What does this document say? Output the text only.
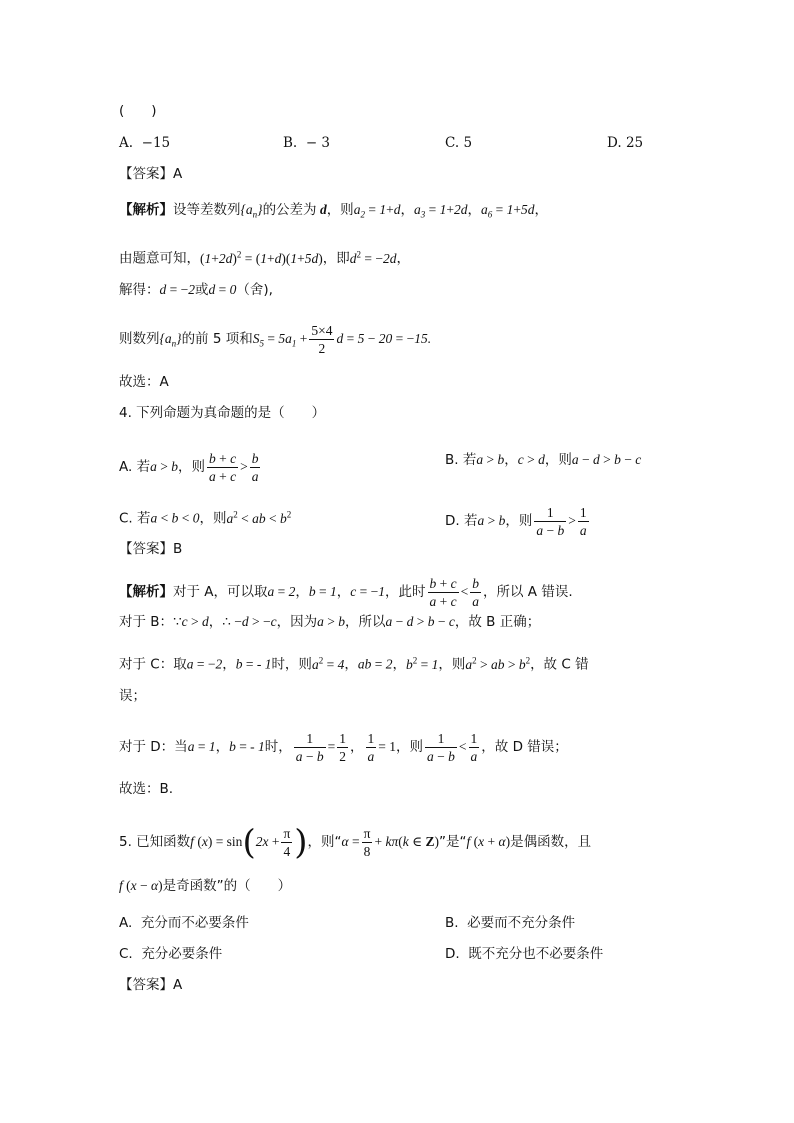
(　　)
A. −15	B. − 3	C. 5	D. 25
【答案】A
【解析】设等差数列$\{a_n\}$的公差为 d，则$a_2 = 1+d$，$a_3 = 1+2d$，$a_6 = 1+5d$，
由题意可知，$(1+2d)^2 = (1+d)(1+5d)$，即$d^2 = -2d$，
解得：d = −2或d = 0（舍),
则数列$\{a_n\}$的前 5 项和$S_5 = 5a_1 + \frac{5\times 4}{2}$ d = 5 − 20 = −15.
故选：A
4. 下列命题为真命题的是（　　）
A. 若a > b，则 $\frac{b + c}{a + c} > \frac{b}{a}$	B. 若a > b，c > d，则a − d > b − c
C. 若a < b < 0，则$a^2$ < ab < $b^2$	D. 若a > b，则 $\frac{1}{a - b} > \frac{1}{a}$
【答案】B
【解析】对于 A，可以取a = 2，b = 1，c = −1，此时 $\frac{b + c}{a + c} < \frac{b}{a}$ ，所以 A 错误.
对于 B：∵c > d，∴ −d > −c，因为a > b，所以a − d > b − c，故 B 正确；
对于 C：取a = −2，b = - 1时，则$a^2 = 4$，ab = 2，$b^2 = 1$，则$a^2$ > ab > $b^2$，故 C 错
误；
对于 D：当a = 1，b = - 1时， $\frac{1}{a - b} = \frac{1}{2}$ ， $\frac{1}{a} = 1$，则 $\frac{1}{a - b} < \frac{1}{a}$ ，故 D 错误；
故选：B.
5. 已知函数f $(x) = \sin(2x + \frac{\pi}{4}$ )，则“$\alpha = \frac{\pi}{8} + k\pi(k$ ∈ Z)”是“f (x + α)是偶函数，且
f (x − α)是奇函数”的（　　）
A. 充分而不必要条件	B. 必要而不充分条件
C. 充分必要条件	D. 既不充分也不必要条件
【答案】A
